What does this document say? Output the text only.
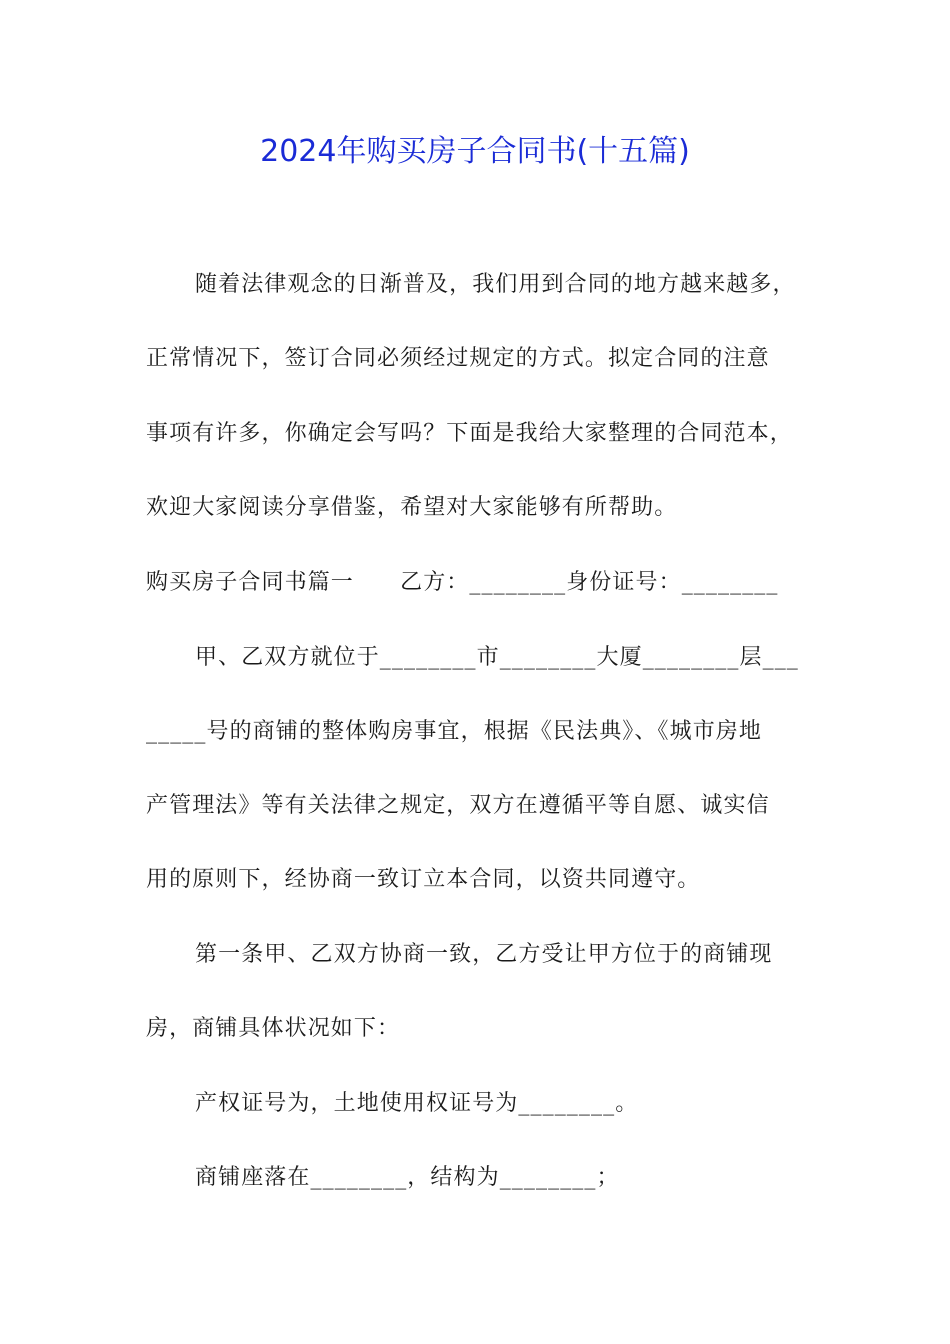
2024年购买房子合同书(十五篇)
随着法律观念的日渐普及，我们用到合同的地方越来越多，
正常情况下，签订合同必须经过规定的方式。拟定合同的注意
事项有许多，你确定会写吗？下面是我给大家整理的合同范本，
欢迎大家阅读分享借鉴，希望对大家能够有所帮助。
购买房子合同书篇一　　乙方：________身份证号：________
甲、乙双方就位于________市________大厦________层___
_____号的商铺的整体购房事宜，根据《民法典》、《城市房地
产管理法》等有关法律之规定，双方在遵循平等自愿、诚实信
用的原则下，经协商一致订立本合同，以资共同遵守。
第一条甲、乙双方协商一致，乙方受让甲方位于的商铺现
房，商铺具体状况如下：
产权证号为，土地使用权证号为________。
商铺座落在________，结构为________；
